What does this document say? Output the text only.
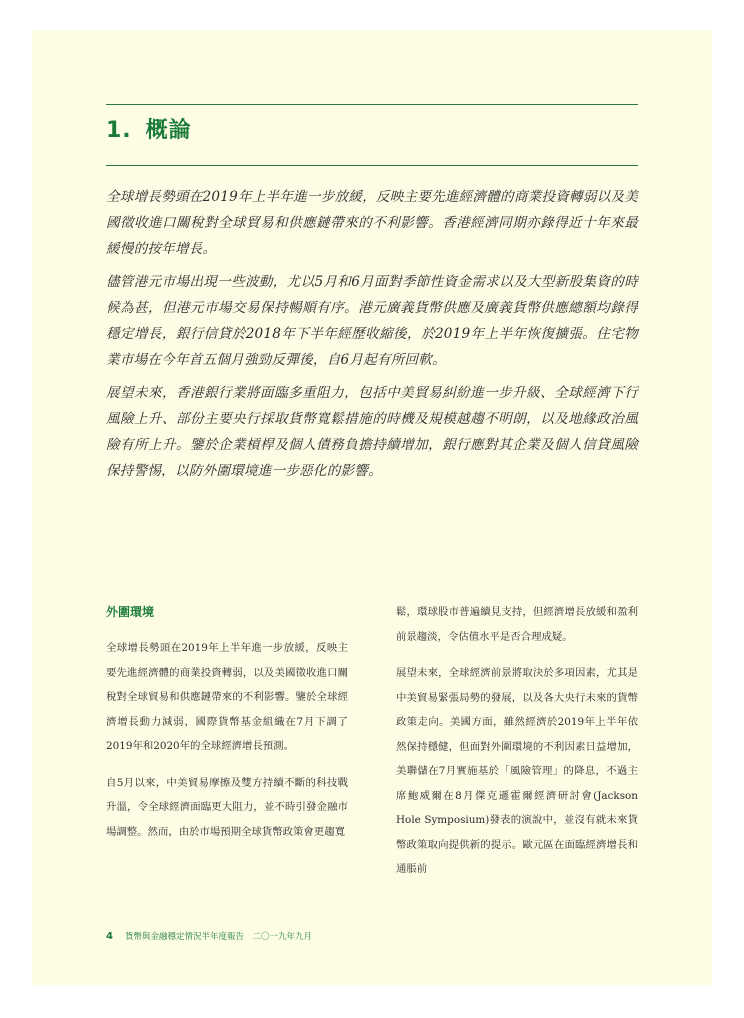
1. 概論

全球增長勢頭在2019年上半年進一步放緩，反映主要先進經濟體的商業投資轉弱以及美國徵收進口關稅對全球貿易和供應鏈帶來的不利影響。香港經濟同期亦錄得近十年來最緩慢的按年增長。

儘管港元市場出現一些波動，尤以5月和6月面對季節性資金需求以及大型新股集資的時候為甚，但港元市場交易保持暢順有序。港元廣義貨幣供應及廣義貨幣供應總額均錄得穩定增長，銀行信貸於2018年下半年經歷收縮後，於2019年上半年恢復擴張。住宅物業市場在今年首五個月強勁反彈後，自6月起有所回軟。

展望未來，香港銀行業將面臨多重阻力，包括中美貿易糾紛進一步升級、全球經濟下行風險上升、部份主要央行採取貨幣寬鬆措施的時機及規模越趨不明朗，以及地緣政治風險有所上升。鑒於企業槓桿及個人債務負擔持續增加，銀行應對其企業及個人信貸風險保持警惕，以防外圍環境進一步惡化的影響。

外圍環境

全球增長勢頭在2019年上半年進一步放緩，反映主要先進經濟體的商業投資轉弱，以及美國徵收進口關稅對全球貿易和供應鏈帶來的不利影響。鑒於全球經濟增長動力減弱，國際貨幣基金組織在7月下調了2019年和2020年的全球經濟增長預測。

自5月以來，中美貿易摩擦及雙方持續不斷的科技戰升溫，令全球經濟面臨更大阻力，並不時引發金融市場調整。然而，由於市場預期全球貨幣政策會更趨寬

鬆，環球股市普遍續見支持，但經濟增長放緩和盈利前景趨淡，令估值水平是否合理成疑。

展望未來，全球經濟前景將取決於多項因素，尤其是中美貿易緊張局勢的發展，以及各大央行未來的貨幣政策走向。美國方面，雖然經濟於2019年上半年依然保持穩健，但面對外圍環境的不利因素日益增加，美聯儲在7月實施基於「風險管理」的降息，不過主席鮑威爾在8月傑克遜霍爾經濟研討會(Jackson Hole Symposium)發表的演說中，並沒有就未來貨幣政策取向提供新的提示。歐元區在面臨經濟增長和通脹前

4 貨幣與金融穩定情況半年度報告　二〇一九年九月
